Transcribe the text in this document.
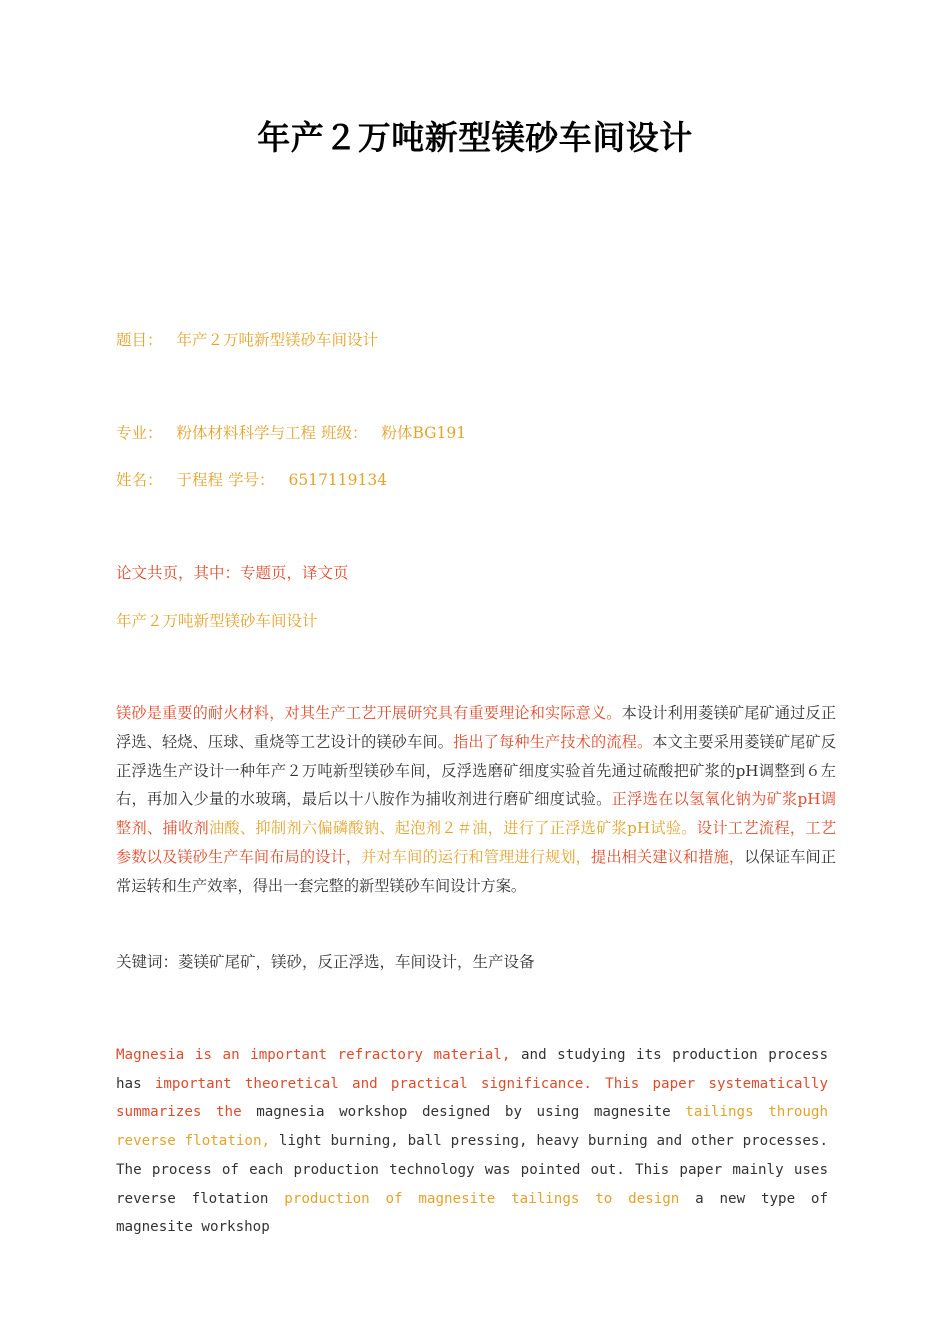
年产２万吨新型镁砂车间设计
题目： 年产２万吨新型镁砂车间设计
专业： 粉体材料科学与工程 班级： 粉体BG191
姓名： 于程程 学号： 6517119134
论文共页，其中：专题页，译文页
年产２万吨新型镁砂车间设计
镁砂是重要的耐火材料，对其生产工艺开展研究具有重要理论和实际意义。本设计利用菱镁矿尾矿通过反正浮选、轻烧、压球、重烧等工艺设计的镁砂车间。指出了每种生产技术的流程。本文主要采用菱镁矿尾矿反正浮选生产设计一种年产２万吨新型镁砂车间，反浮选磨矿细度实验首先通过硫酸把矿浆的pH调整到６左右，再加入少量的水玻璃，最后以十八胺作为捕收剂进行磨矿细度试验。正浮选在以氢氧化钠为矿浆pH调整剂、捕收剂油酸、抑制剂六偏磷酸钠、起泡剂２＃油，进行了正浮选矿浆pH试验。设计工艺流程，工艺参数以及镁砂生产车间布局的设计，并对车间的运行和管理进行规划，提出相关建议和措施，以保证车间正常运转和生产效率，得出一套完整的新型镁砂车间设计方案。
关键词：菱镁矿尾矿，镁砂，反正浮选，车间设计，生产设备
Magnesia is an important refractory material, and studying its production process has important theoretical and practical significance. This paper systematically summarizes the magnesia workshop designed by using magnesite tailings through reverse flotation, light burning, ball pressing, heavy burning and other processes. The process of each production technology was pointed out. This paper mainly uses reverse flotation production of magnesite tailings to design a new type of magnesite workshop
